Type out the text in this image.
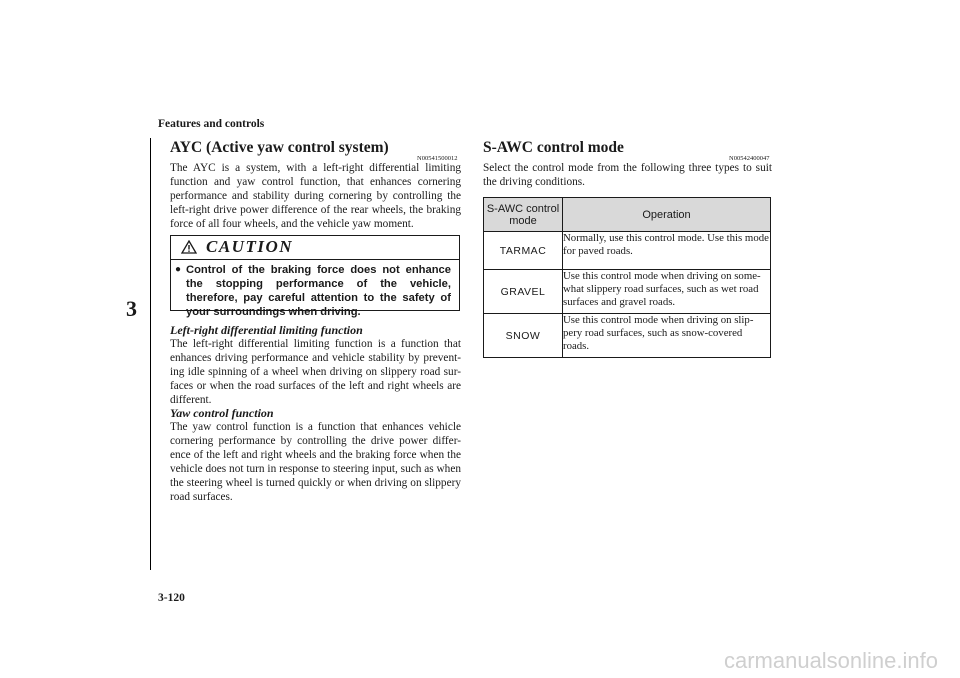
Features and controls
3
AYC (Active yaw control system)
N00541500012
The AYC is a system, with a left-right differential limiting function and yaw control function, that enhances cornering performance and stability during cornering by controlling the left-right drive power difference of the rear wheels, the braking force of all four wheels, and the vehicle yaw moment.
CAUTION
● Control of the braking force does not enhance the stopping performance of the vehicle, therefore, pay careful attention to the safety of your surroundings when driving.
Left-right differential limiting function
The left-right differential limiting function is a function that enhances driving performance and vehicle stability by prevent-ing idle spinning of a wheel when driving on slippery road sur-faces or when the road surfaces of the left and right wheels are different.
Yaw control function
The yaw control function is a function that enhances vehicle cornering performance by controlling the drive power differ-ence of the left and right wheels and the braking force when the vehicle does not turn in response to steering input, such as when the steering wheel is turned quickly or when driving on slippery road surfaces.
S-AWC control mode
N00542400047
Select the control mode from the following three types to suit the driving conditions.
S-AWC control mode	Operation
TARMAC	Normally, use this control mode. Use this mode for paved roads.
GRAVEL	Use this control mode when driving on some-what slippery road surfaces, such as wet road surfaces and gravel roads.
SNOW	Use this control mode when driving on slip-pery road surfaces, such as snow-covered roads.
3-120
carmanualsonline.info
